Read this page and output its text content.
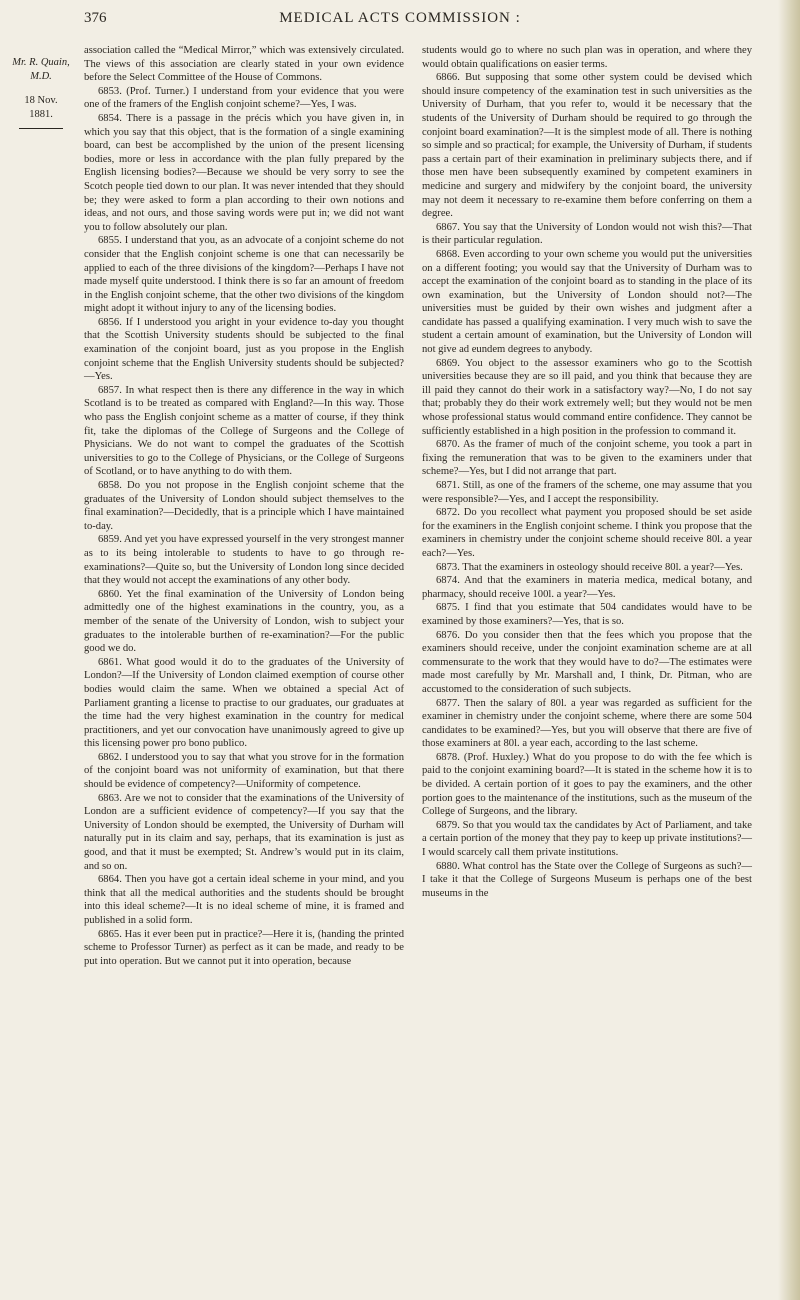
376	MEDICAL ACTS COMMISSION :
Mr. R. Quain, M.D.
18 Nov. 1881.

association called the “Medical Mirror,” which was extensively circulated. The views of this association are clearly stated in your own evidence before the Select Committee of the House of Commons.

6853. (Prof. Turner.) I understand from your evidence that you were one of the framers of the English conjoint scheme?—Yes, I was.

6854. There is a passage in the précis which you have given in, in which you say that this object, that is the formation of a single examining board, can best be accomplished by the union of the present licensing bodies, more or less in accordance with the plan fully prepared by the English licensing bodies?—Because we should be very sorry to see the Scotch people tied down to our plan. It was never intended that they should be; they were asked to form a plan according to their own notions and ideas, and not ours, and those saving words were put in; we did not want you to follow absolutely our plan.

6855. I understand that you, as an advocate of a conjoint scheme do not consider that the English conjoint scheme is one that can necessarily be applied to each of the three divisions of the kingdom?—Perhaps I have not made myself quite understood. I think there is so far an amount of freedom in the English conjoint scheme, that the other two divisions of the kingdom might adopt it without injury to any of the licensing bodies.

6856. If I understood you aright in your evidence to-day you thought that the Scottish University students should be subjected to the final examination of the conjoint board, just as you propose in the English conjoint scheme that the English University students should be subjected?—Yes.

6857. In what respect then is there any difference in the way in which Scotland is to be treated as compared with England?—In this way. Those who pass the English conjoint scheme as a matter of course, if they think fit, take the diplomas of the College of Surgeons and the College of Physicians. We do not want to compel the graduates of the Scottish universities to go to the College of Physicians, or the College of Surgeons of Scotland, or to have anything to do with them.

6858. Do you not propose in the English conjoint scheme that the graduates of the University of London should subject themselves to the final examination?—Decidedly, that is a principle which I have maintained to-day.

6859. And yet you have expressed yourself in the very strongest manner as to its being intolerable to students to have to go through re-examinations?—Quite so, but the University of London long since decided that they would not accept the examinations of any other body.

6860. Yet the final examination of the University of London being admittedly one of the highest examinations in the country, you, as a member of the senate of the University of London, wish to subject your graduates to the intolerable burthen of re-examination?—For the public good we do.

6861. What good would it do to the graduates of the University of London?—If the University of London claimed exemption of course other bodies would claim the same. When we obtained a special Act of Parliament granting a license to practise to our graduates, our graduates at the time had the very highest examination in the country for medical practitioners, and yet our convocation have unanimously agreed to give up this licensing power pro bono publico.

6862. I understood you to say that what you strove for in the formation of the conjoint board was not uniformity of examination, but that there should be evidence of competency?—Uniformity of competence.

6863. Are we not to consider that the examinations of the University of London are a sufficient evidence of competency?—If you say that the University of London should be exempted, the University of Durham will naturally put in its claim and say, perhaps, that its examination is just as good, and that it must be exempted; St. Andrew’s would put in its claim, and so on.

6864. Then you have got a certain ideal scheme in your mind, and you think that all the medical authorities and the students should be brought into this ideal scheme?—It is no ideal scheme of mine, it is framed and published in a solid form.

6865. Has it ever been put in practice?—Here it is, (handing the printed scheme to Professor Turner) as perfect as it can be made, and ready to be put into operation. But we cannot put it into operation, because

students would go to where no such plan was in operation, and where they would obtain qualifications on easier terms.

6866. But supposing that some other system could be devised which should insure competency of the examination test in such universities as the University of Durham, that you refer to, would it be necessary that the students of the University of Durham should be required to go through the conjoint board examination?—It is the simplest mode of all. There is nothing so simple and so practical; for example, the University of Durham, if students pass a certain part of their examination in preliminary subjects there, and if those men have been subsequently examined by competent examiners in medicine and surgery and midwifery by the conjoint board, the university may not deem it necessary to re-examine them before conferring on them a degree.

6867. You say that the University of London would not wish this?—That is their particular regulation.

6868. Even according to your own scheme you would put the universities on a different footing; you would say that the University of Durham was to accept the examination of the conjoint board as to standing in the place of its own examination, but the University of London should not?—The universities must be guided by their own wishes and judgment after a candidate has passed a qualifying examination. I very much wish to save the student a certain amount of examination, but the University of London will not give ad eundem degrees to anybody.

6869. You object to the assessor examiners who go to the Scottish universities because they are so ill paid, and you think that because they are ill paid they cannot do their work in a satisfactory way?—No, I do not say that; probably they do their work extremely well; but they would not be men whose professional status would command entire confidence. They cannot be sufficiently established in a high position in the profession to command it.

6870. As the framer of much of the conjoint scheme, you took a part in fixing the remuneration that was to be given to the examiners under that scheme?—Yes, but I did not arrange that part.

6871. Still, as one of the framers of the scheme, one may assume that you were responsible?—Yes, and I accept the responsibility.

6872. Do you recollect what payment you proposed should be set aside for the examiners in the English conjoint scheme. I think you propose that the examiners in chemistry under the conjoint scheme should receive 80l. a year each?—Yes.

6873. That the examiners in osteology should receive 80l. a year?—Yes.

6874. And that the examiners in materia medica, medical botany, and pharmacy, should receive 100l. a year?—Yes.

6875. I find that you estimate that 504 candidates would have to be examined by those examiners?—Yes, that is so.

6876. Do you consider then that the fees which you propose that the examiners should receive, under the conjoint examination scheme are at all commensurate to the work that they would have to do?—The estimates were made most carefully by Mr. Marshall and, I think, Dr. Pitman, who are accustomed to the consideration of such subjects.

6877. Then the salary of 80l. a year was regarded as sufficient for the examiner in chemistry under the conjoint scheme, where there are some 504 candidates to be examined?—Yes, but you will observe that there are five of those examiners at 80l. a year each, according to the last scheme.

6878. (Prof. Huxley.) What do you propose to do with the fee which is paid to the conjoint examining board?—It is stated in the scheme how it is to be divided. A certain portion of it goes to pay the examiners, and the other portion goes to the maintenance of the institutions, such as the museum of the College of Surgeons, and the library.

6879. So that you would tax the candidates by Act of Parliament, and take a certain portion of the money that they pay to keep up private institutions?—I would scarcely call them private institutions.

6880. What control has the State over the College of Surgeons as such?—I take it that the College of Surgeons Museum is perhaps one of the best museums in the
